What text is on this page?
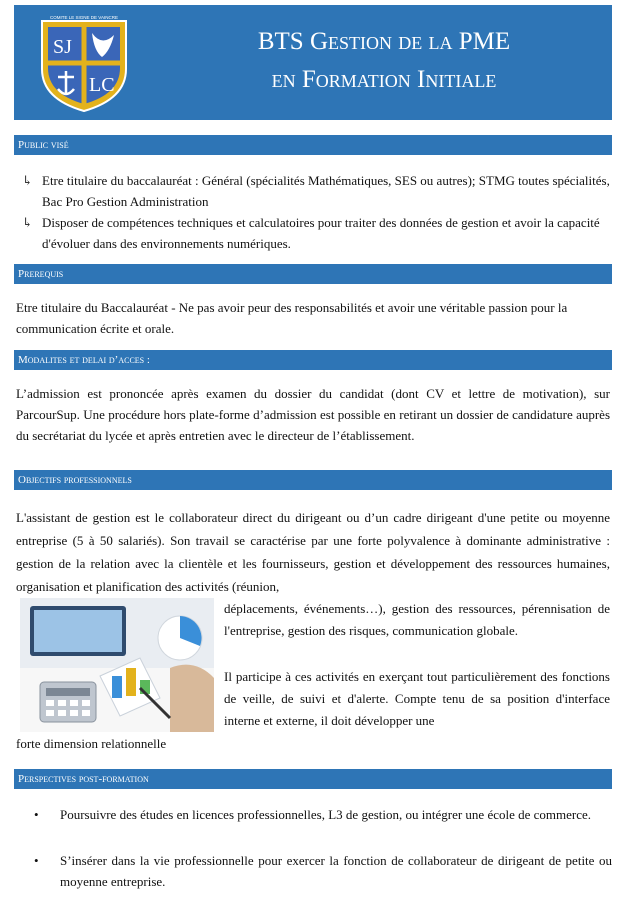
SJ
LC
COMITE LE SIGNE DE VAINCRE
BTS Gestion de la PME
en Formation Initiale
Public visé
↳ Etre titulaire du baccalauréat : Général (spécialités Mathématiques, SES ou autres); STMG toutes spécialités, Bac Pro Gestion Administration
↳ Disposer de compétences techniques et calculatoires pour traiter des données de gestion et avoir la capacité d'évoluer dans des environnements numériques.
Prerequis
Etre titulaire du Baccalauréat - Ne pas avoir peur des responsabilités et avoir une véritable passion pour la communication écrite et orale.
Modalites et delai d’acces :
L’admission est prononcée après examen du dossier du candidat (dont CV et lettre de motivation), sur ParcourSup. Une procédure hors plate-forme d’admission est possible en retirant un dossier de candidature auprès du secrétariat du lycée et après entretien avec le directeur de l’établissement.
Objectifs professionnels
L'assistant de gestion est le collaborateur direct du dirigeant ou d’un cadre dirigeant d'une petite ou moyenne entreprise (5 à 50 salariés). Son travail se caractérise par une forte polyvalence à dominante administrative : gestion de la relation avec la clientèle et les fournisseurs, gestion et développement des ressources humaines, organisation et planification des activités (réunion,
déplacements, événements…), gestion des ressources, pérennisation de l'entreprise, gestion des risques, communication globale.
Il participe à ces activités en exerçant tout particulièrement des fonctions de veille, de suivi et d'alerte. Compte tenu de sa position d'interface interne et externe, il doit développer une
forte dimension relationnelle
Perspectives post-formation
• Poursuivre des études en licences professionnelles, L3 de gestion, ou intégrer une école de commerce.
• S’insérer dans la vie professionnelle pour exercer la fonction de collaborateur de dirigeant de petite ou moyenne entreprise.
